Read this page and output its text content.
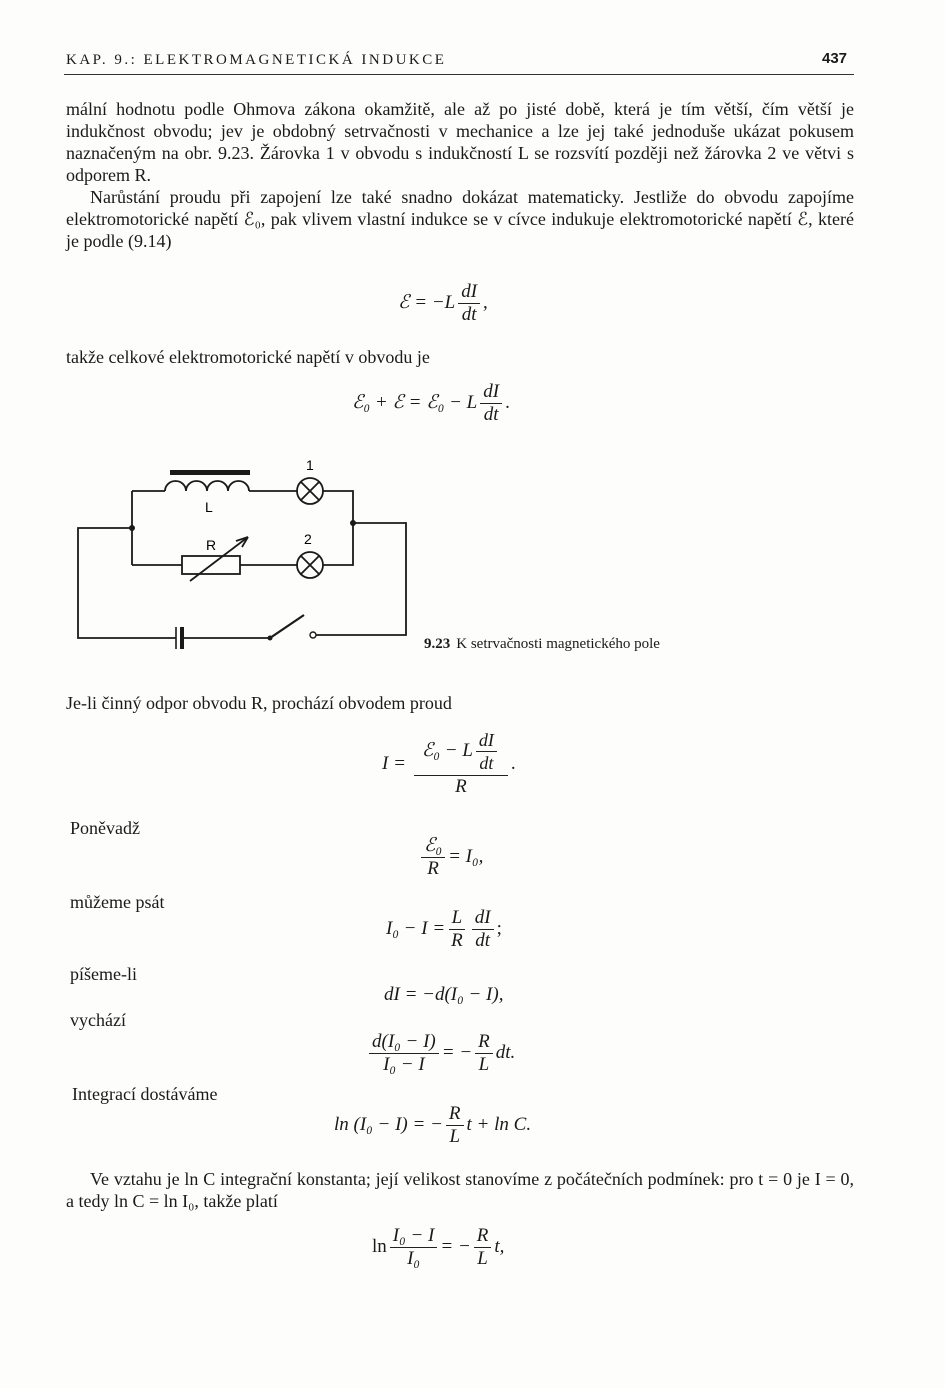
KAP. 9.: ELEKTROMAGNETICKÁ INDUKCE	437

mální hodnotu podle Ohmova zákona okamžitě, ale až po jisté době, která je tím větší, čím větší je indukčnost obvodu; jev je obdobný setrvačnosti v mechanice a lze jej také jednoduše ukázat pokusem naznačeným na obr. 9.23. Žárovka 1 v obvodu s indukčností L se rozsvítí později než žárovka 2 ve větvi s odporem R.

Narůstání proudu při zapojení lze také snadno dokázat matematicky. Jestliže do obvodu zapojíme elektromotorické napětí ℰ₀, pak vlivem vlastní indukce se v cívce indukuje elektromotorické napětí ℰ, které je podle (9.14)

ℰ = $-L \frac{dI}{dt}$ ,

takže celkové elektromotorické napětí v obvodu je

ℰ₀ + ℰ = ℰ₀ − L $\frac{dI}{dt}$ .
L
R
1
2
9.23 K setrvačnosti magnetického pole

Je-li činný odpor obvodu R, prochází obvodem proud

$I = \frac{ℰ_0 - L \frac{dI}{dt}}{R}$ .
Poněvadž
$\frac{\text{ℰ₀}}{R} = I_0$,
můžeme psát
$I_0 - I = \frac{L}{R} \frac{dI}{dt}$ ;
píšeme-li
dI = −d(I₀ − I),
vychází
$\frac{\text{d(I₀ − I)}}{\text{I₀ − I}}$ = − $\frac{R}{L}$ dt.
Integrací dostáváme
ln (I₀ − I) = − $\frac{R}{L}$ t + ln C.

Ve vztahu je ln C integrační konstanta; její velikost stanovíme z počátečních podmínek: pro t = 0 je I = 0, a tedy ln C = ln I₀, takže platí

$\ln \frac{\text{I₀ − I}}{\text{I₀}}$ = − $\frac{R}{L} t$,
